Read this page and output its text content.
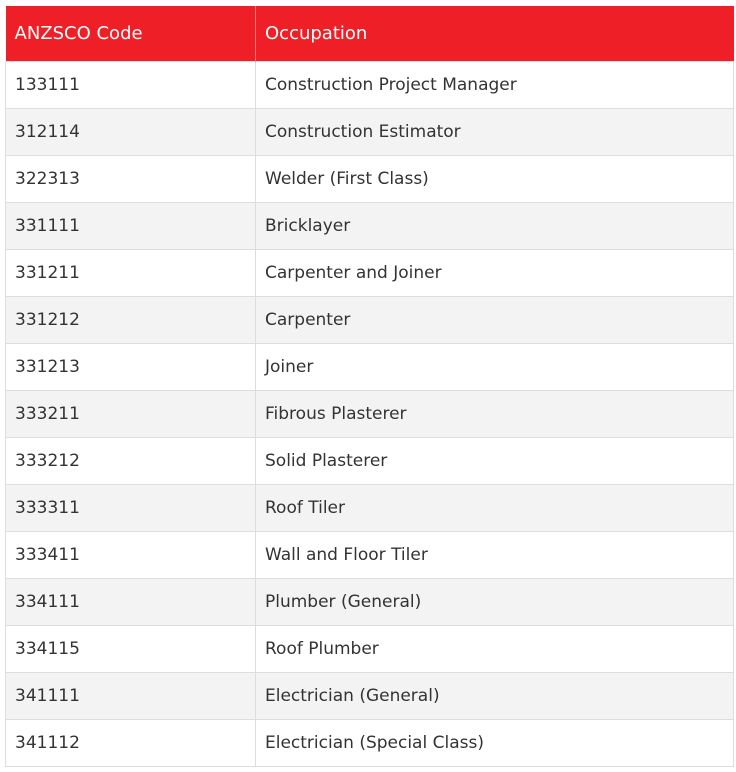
ANZSCO Code	Occupation
133111	Construction Project Manager
312114	Construction Estimator
322313	Welder (First Class)
331111	Bricklayer
331211	Carpenter and Joiner
331212	Carpenter
331213	Joiner
333211	Fibrous Plasterer
333212	Solid Plasterer
333311	Roof Tiler
333411	Wall and Floor Tiler
334111	Plumber (General)
334115	Roof Plumber
341111	Electrician (General)
341112	Electrician (Special Class)
